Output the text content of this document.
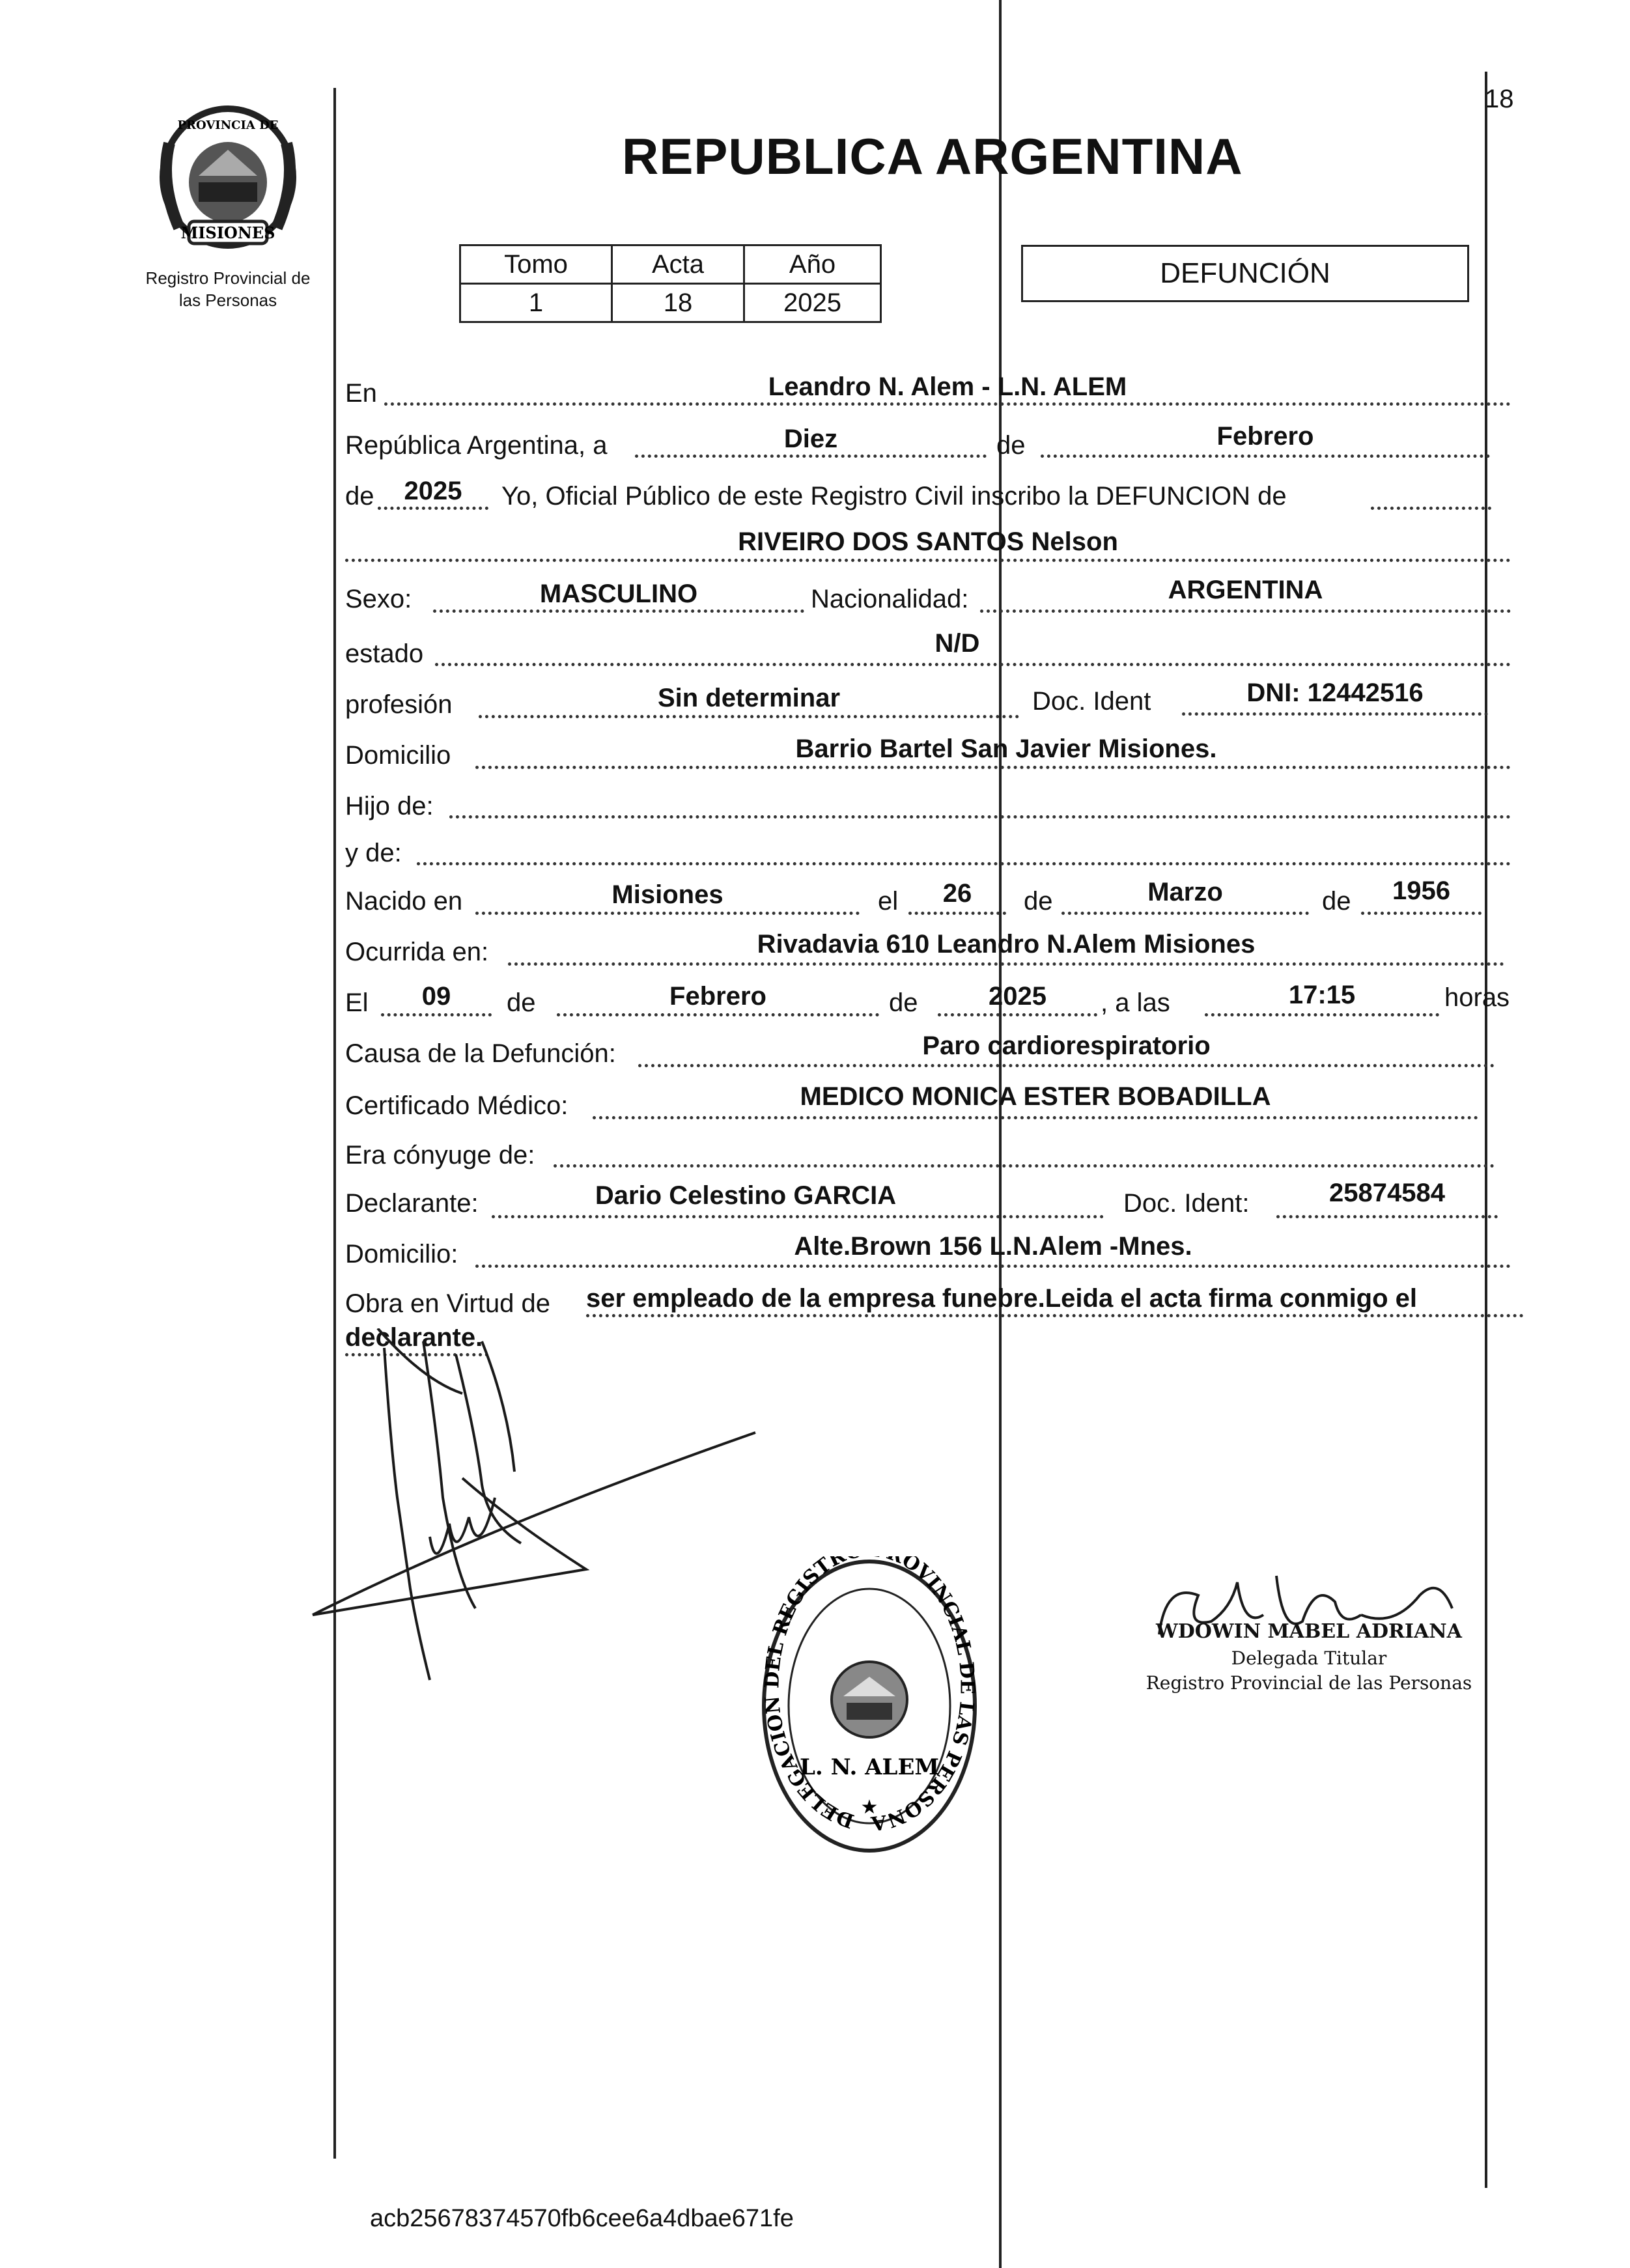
18
MISIONES
PROVINCIA DE
Registro Provincial de
las Personas
REPUBLICA ARGENTINA
Tomo	Acta	Año
1	18	2025
DEFUNCIÓN
En	Leandro N. Alem - L.N. ALEM
República Argentina, a	Diez	de	Febrero
de	2025	Yo, Oficial Público de este Registro Civil inscribo la DEFUNCION de
RIVEIRO DOS SANTOS Nelson
Sexo:	MASCULINO	Nacionalidad:	ARGENTINA
estado	N/D
profesión	Sin determinar	Doc. Ident	DNI: 12442516
Domicilio	Barrio Bartel San Javier Misiones.
Hijo de:
y de:
Nacido en	Misiones	el	26	de	Marzo	de	1956
Ocurrida en:	Rivadavia 610 Leandro N.Alem Misiones
El	09	de	Febrero	de	2025	, a las	17:15	horas
Causa de la Defunción:	Paro cardiorespiratorio
Certificado Médico:	MEDICO MONICA ESTER BOBADILLA
Era cónyuge de:
Declarante:	Dario Celestino GARCIA	Doc. Ident:	25874584
Domicilio:	Alte.Brown 156 L.N.Alem -Mnes.
Obra en Virtud de ser empleado de la empresa funebre.Leida el acta firma conmigo el
declarante.
DELEGACION DEL REGISTR OVINCIAL DE LAS PERSONA
L. N. ALEM
★
WDOWIN MABEL ADRIANA
Delegada Titular
Registro Provincial de las Personas
acb25678374570fb6cee6a4dbae671fe
